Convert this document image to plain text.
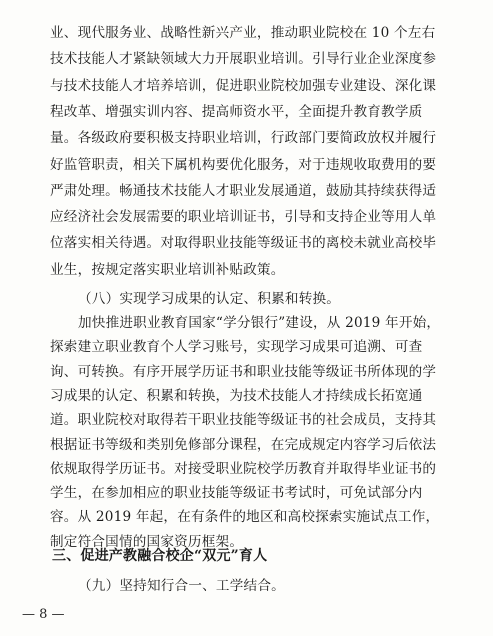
业、现代服务业、战略性新兴产业，推动职业院校在 10 个左右
技术技能人才紧缺领域大力开展职业培训。引导行业企业深度参
与技术技能人才培养培训，促进职业院校加强专业建设、深化课
程改革、增强实训内容、提高师资水平，全面提升教育教学质
量。各级政府要积极支持职业培训，行政部门要简政放权并履行
好监管职责，相关下属机构要优化服务，对于违规收取费用的要
严肃处理。畅通技术技能人才职业发展通道，鼓励其持续获得适
应经济社会发展需要的职业培训证书，引导和支持企业等用人单
位落实相关待遇。对取得职业技能等级证书的离校未就业高校毕
业生，按规定落实职业培训补贴政策。
（八）实现学习成果的认定、积累和转换。
加快推进职业教育国家“学分银行”建设，从 2019 年开始，
探索建立职业教育个人学习账号，实现学习成果可追溯、可查
询、可转换。有序开展学历证书和职业技能等级证书所体现的学
习成果的认定、积累和转换，为技术技能人才持续成长拓宽通
道。职业院校对取得若干职业技能等级证书的社会成员，支持其
根据证书等级和类别免修部分课程，在完成规定内容学习后依法
依规取得学历证书。对接受职业院校学历教育并取得毕业证书的
学生，在参加相应的职业技能等级证书考试时，可免试部分内
容。从 2019 年起，在有条件的地区和高校探索实施试点工作，
制定符合国情的国家资历框架。
三、促进产教融合校企“双元”育人
（九）坚持知行合一、工学结合。
— 8 —
